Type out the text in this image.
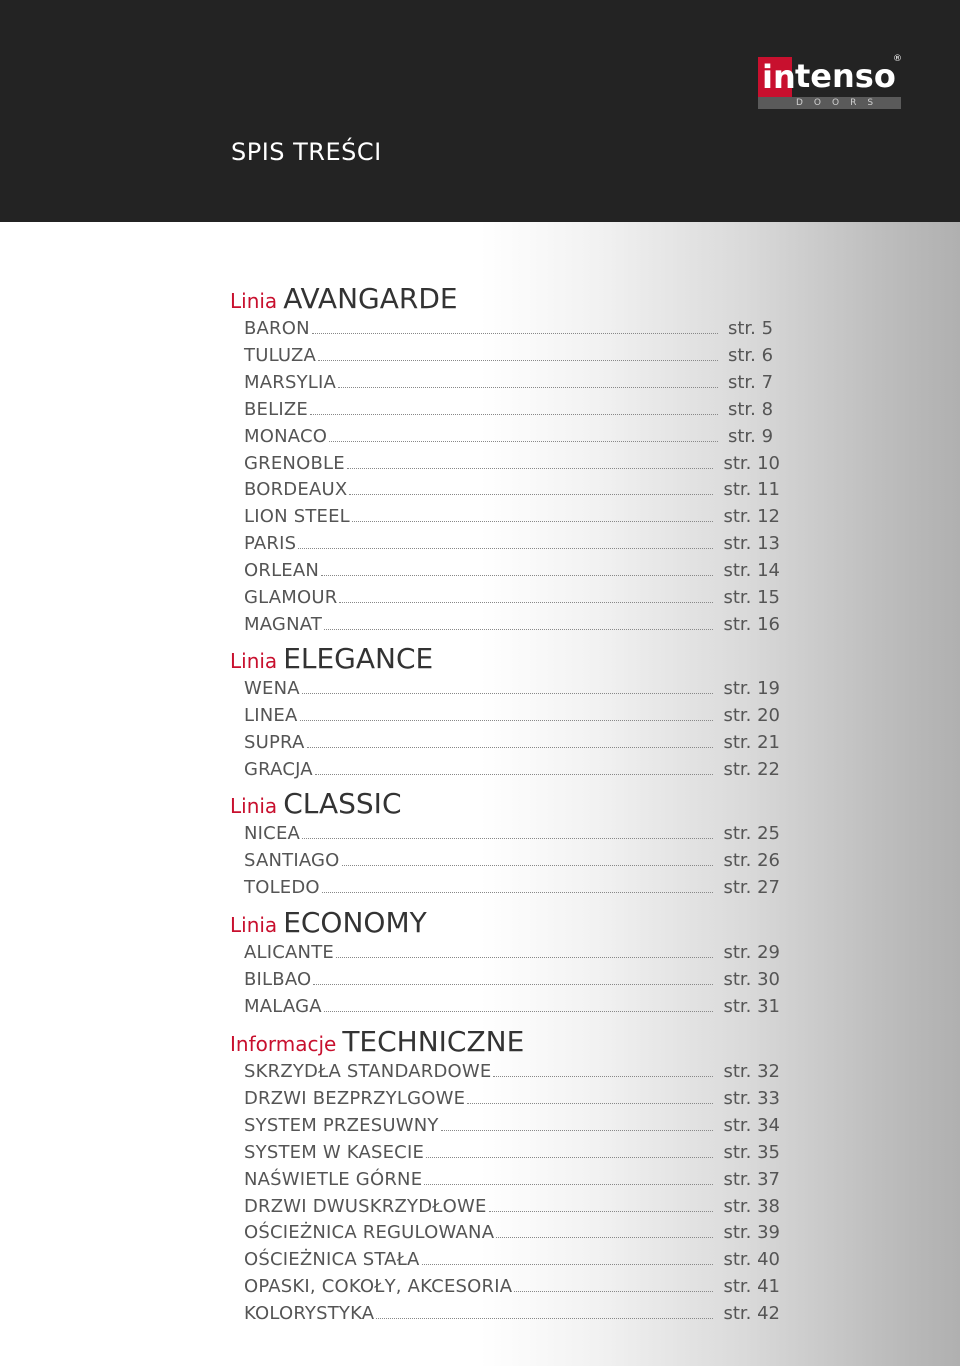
SPIS TREŚCI
in tenso
®
DOORS
Linia AVANGARDE
BARON	str. 5
TULUZA	str. 6
MARSYLIA	str. 7
BELIZE	str. 8
MONACO	str. 9
GRENOBLE	str. 10
BORDEAUX	str. 11
LION STEEL	str. 12
PARIS	str. 13
ORLEAN	str. 14
GLAMOUR	str. 15
MAGNAT	str. 16
Linia ELEGANCE
WENA	str. 19
LINEA	str. 20
SUPRA	str. 21
GRACJA	str. 22
Linia CLASSIC
NICEA	str. 25
SANTIAGO	str. 26
TOLEDO	str. 27
Linia ECONOMY
ALICANTE	str. 29
BILBAO	str. 30
MALAGA	str. 31
Informacje TECHNICZNE
SKRZYDŁA STANDARDOWE	str. 32
DRZWI BEZPRZYLGOWE	str. 33
SYSTEM PRZESUWNY	str. 34
SYSTEM W KASECIE	str. 35
NAŚWIETLE GÓRNE	str. 37
DRZWI DWUSKRZYDŁOWE	str. 38
OŚCIEŻNICA REGULOWANA	str. 39
OŚCIEŻNICA STAŁA	str. 40
OPASKI, COKOŁY, AKCESORIA	str. 41
KOLORYSTYKA	str. 42
